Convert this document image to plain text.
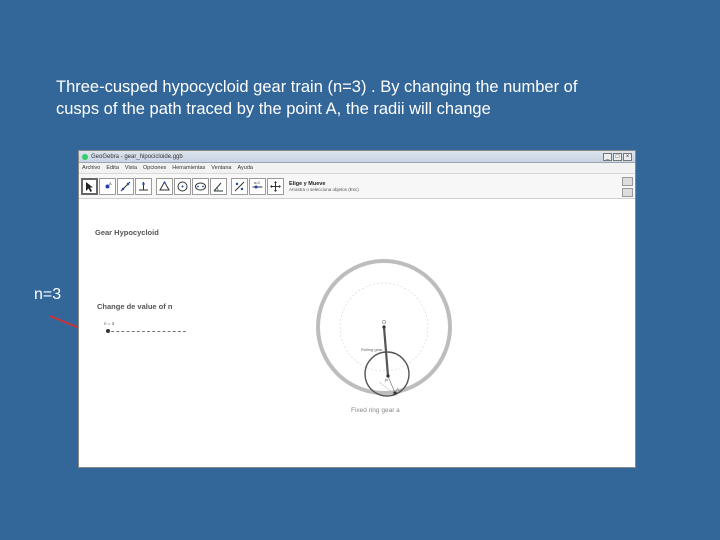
Three-cusped hypocycloid gear train (n=3) . By changing the number of
cusps of the path traced by the point A, the radii will change
n=3
GeoGebra - gear_hipocicloide.ggb	_	□	×
Archivo Edita Vista Opciones Herramientas Ventana Ayuda
A	a=2	Elige y Mueve
Arrastra o selecciona objetos (Esc)
Gear Hypocycloid
Change de value of n
n = 3	O
P
A
Rolling gear
Fixed ring gear a
